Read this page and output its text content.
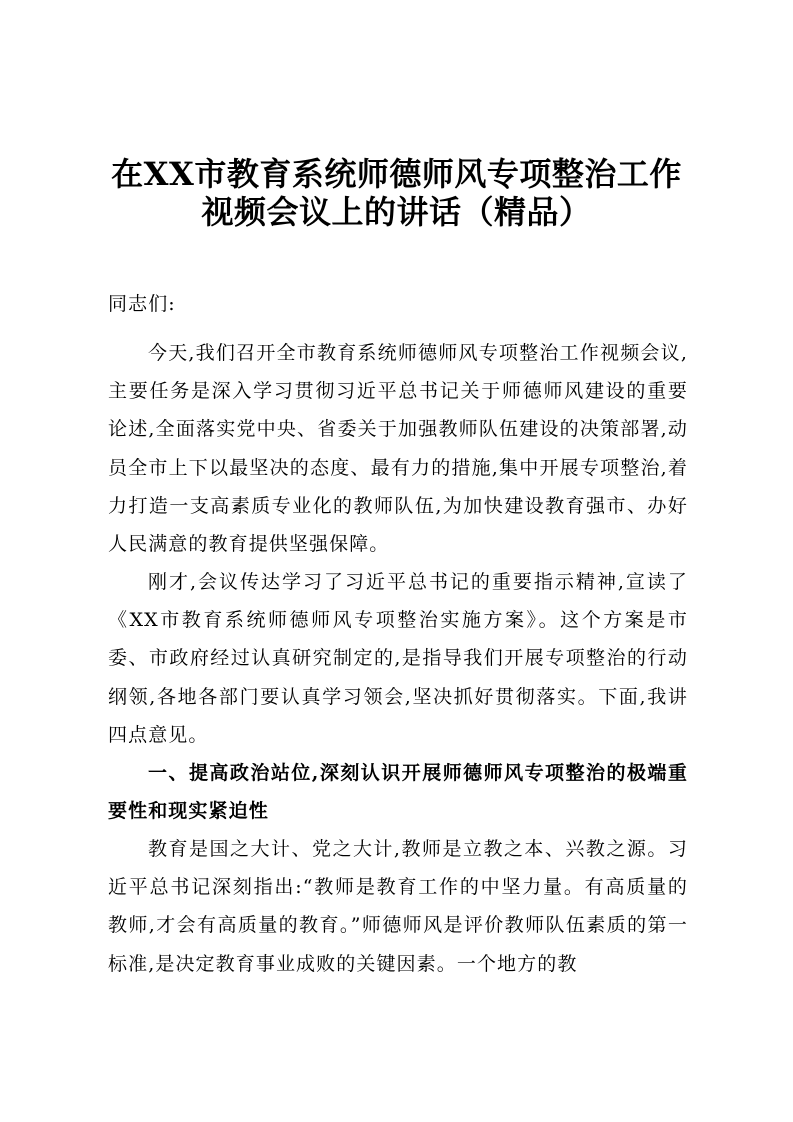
在XX市教育系统师德师风专项整治工作
视频会议上的讲话（精品）
同志们:

今天,我们召开全市教育系统师德师风专项整治工作视频会议,主要任务是深入学习贯彻习近平总书记关于师德师风建设的重要论述,全面落实党中央、省委关于加强教师队伍建设的决策部署,动员全市上下以最坚决的态度、最有力的措施,集中开展专项整治,着力打造一支高素质专业化的教师队伍,为加快建设教育强市、办好人民满意的教育提供坚强保障。

刚才,会议传达学习了习近平总书记的重要指示精神,宣读了《XX市教育系统师德师风专项整治实施方案》。这个方案是市委、市政府经过认真研究制定的,是指导我们开展专项整治的行动纲领,各地各部门要认真学习领会,坚决抓好贯彻落实。下面,我讲四点意见。

一、提高政治站位,深刻认识开展师德师风专项整治的极端重要性和现实紧迫性

教育是国之大计、党之大计,教师是立教之本、兴教之源。习近平总书记深刻指出:“教师是教育工作的中坚力量。有高质量的教师,才会有高质量的教育。”师德师风是评价教师队伍素质的第一标准,是决定教育事业成败的关键因素。一个地方的教
